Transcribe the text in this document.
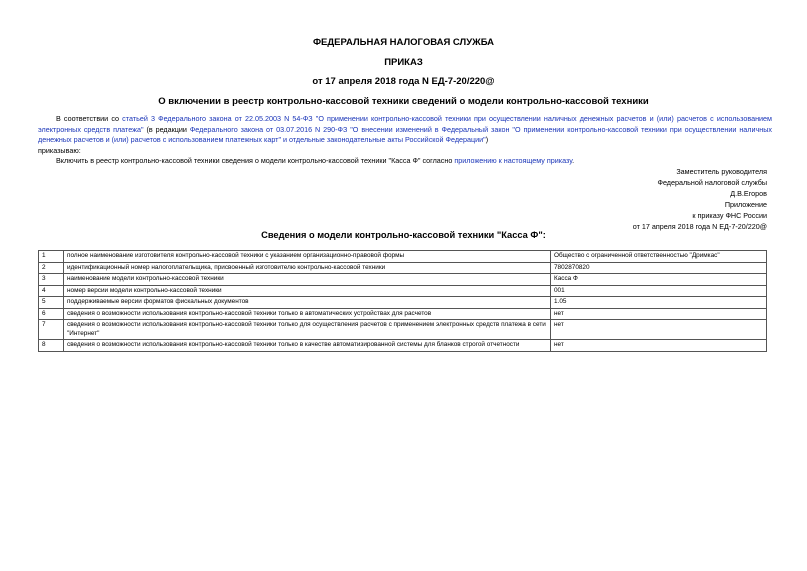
ФЕДЕРАЛЬНАЯ НАЛОГОВАЯ СЛУЖБА
ПРИКАЗ
от 17 апреля 2018 года N ЕД-7-20/220@
О включении в реестр контрольно-кассовой техники сведений о модели контрольно-кассовой техники
В соответствии со статьей 3 Федерального закона от 22.05.2003 N 54-ФЗ "О применении контрольно-кассовой техники при осуществлении наличных денежных расчетов и (или) расчетов с использованием электронных средств платежа" (в редакции Федерального закона от 03.07.2016 N 290-ФЗ "О внесении изменений в Федеральный закон "О применении контрольно-кассовой техники при осуществлении наличных денежных расчетов и (или) расчетов с использованием платежных карт" и отдельные законодательные акты Российской Федерации")
приказываю:
Включить в реестр контрольно-кассовой техники сведения о модели контрольно-кассовой техники "Касса Ф" согласно приложению к настоящему приказу.
Заместитель руководителя
Федеральной налоговой службы
Д.В.Егоров
Приложение
к приказу ФНС России
от 17 апреля 2018 года N ЕД-7-20/220@
Сведения о модели контрольно-кассовой техники "Касса Ф":
1	полное наименование изготовителя контрольно-кассовой техники с указанием организационно-правовой формы	Общество с ограниченной ответственностью "Дримкас"
2	идентификационный номер налогоплательщика, присвоенный изготовителю контрольно-кассовой техники	7802870820
3	наименование модели контрольно-кассовой техники	Касса Ф
4	номер версии модели контрольно-кассовой техники	001
5	поддерживаемые версии форматов фискальных документов	1.05
6	сведения о возможности использования контрольно-кассовой техники только в автоматических устройствах для расчетов	нет
7	сведения о возможности использования контрольно-кассовой техники только для осуществления расчетов с применением электронных средств платежа в сети "Интернет"	нет
8	сведения о возможности использования контрольно-кассовой техники только в качестве автоматизированной системы для бланков строгой отчетности	нет
